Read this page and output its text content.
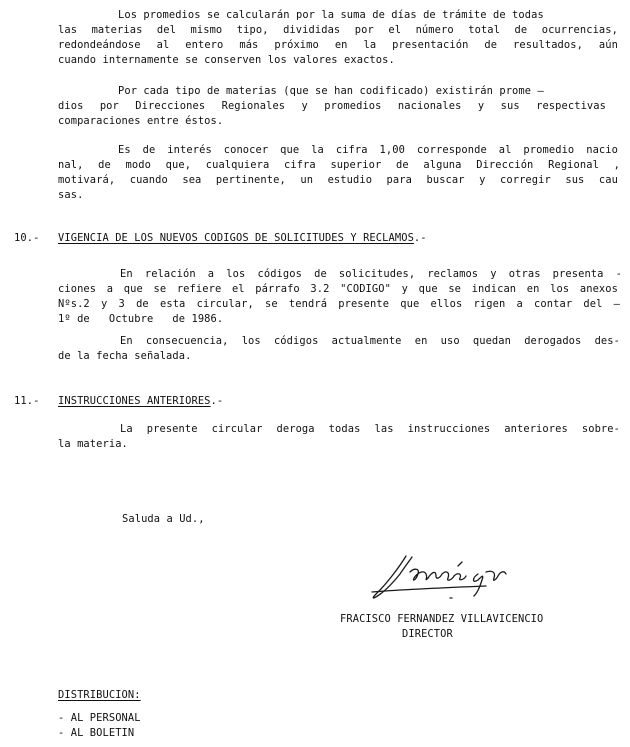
Los promedios se calcularán por la suma de días de trámite de todas
las materias del mismo tipo, divididas por el número total de ocurrencias,
redondeándose al entero más próximo en la presentación de resultados, aún
cuando internamente se conserven los valores exactos.
Por cada tipo de materias (que se han codificado) existirán prome —
dios por Direcciones Regionales y promedios nacionales y sus respectivas
comparaciones entre éstos.
Es de interés conocer que la cifra 1,00 corresponde al promedio nacio
nal, de modo que, cualquiera cifra superior de alguna Dirección Regional ,
motivará, cuando sea pertinente, un estudio para buscar y corregir sus cau
sas.
10.- VIGENCIA DE LOS NUEVOS CODIGOS DE SOLICITUDES Y RECLAMOS.-
En relación a los códigos de solicitudes, reclamos y otras presenta -
ciones a que se refiere el párrafo 3.2 "CODIGO" y que se indican en los anexos
Nºs.2 y 3 de esta circular, se tendrá presente que ellos rigen a contar del —
1º de   Octubre   de 1986.
En consecuencia, los códigos actualmente en uso quedan derogados des-
de la fecha señalada.
11.- INSTRUCCIONES ANTERIORES.-
La presente circular deroga todas las instrucciones anteriores sobre-
la materia.
Saluda a Ud.,
FRACISCO FERNANDEZ VILLAVICENCIO
DIRECTOR
DISTRIBUCION:
- AL PERSONAL
- AL BOLETIN
